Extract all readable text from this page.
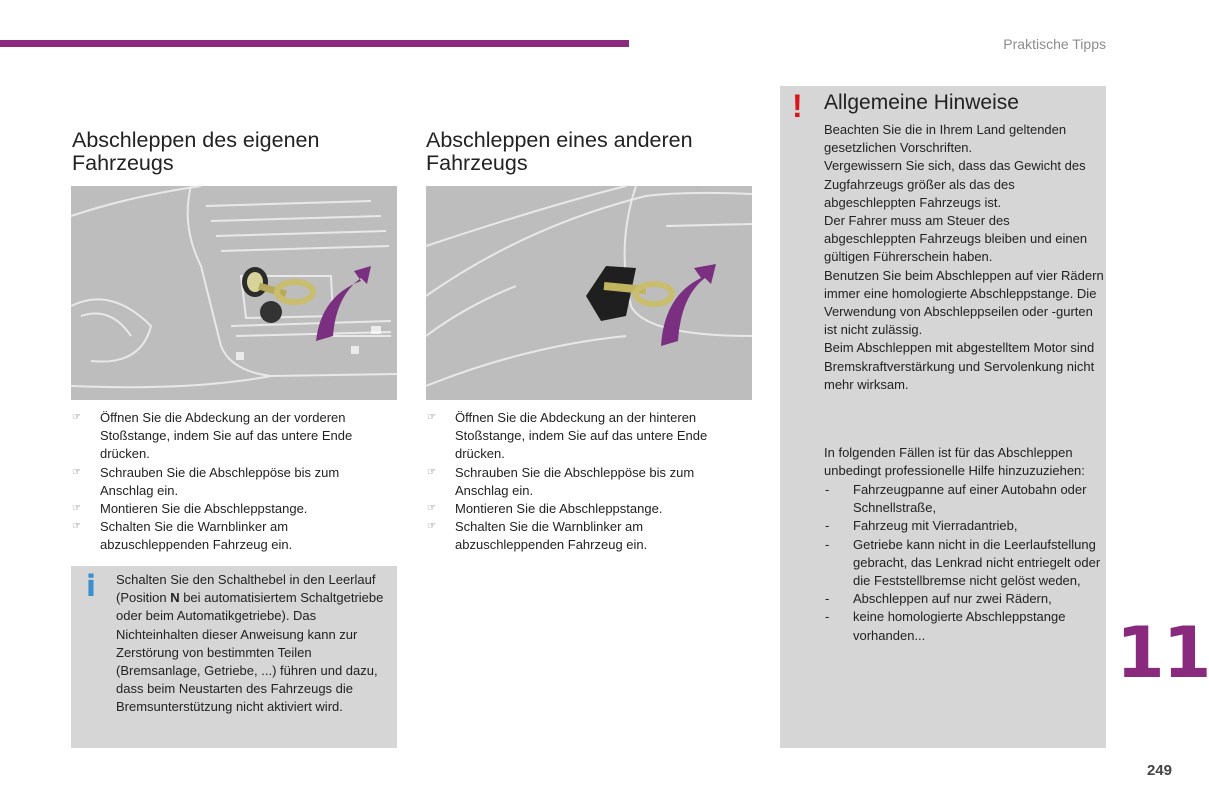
Praktische Tipps
Abschleppen des eigenen
Fahrzeugs
☞ Öffnen Sie die Abdeckung an der vorderen Stoßstange, indem Sie auf das untere Ende drücken.
☞ Schrauben Sie die Abschleppöse bis zum Anschlag ein.
☞ Montieren Sie die Abschleppstange.
☞ Schalten Sie die Warnblinker am abzuschleppenden Fahrzeug ein.
i Schalten Sie den Schalthebel in den Leerlauf (Position N bei automatisiertem Schaltgetriebe oder beim Automatikgetriebe). Das Nichteinhalten dieser Anweisung kann zur Zerstörung von bestimmten Teilen (Bremsanlage, Getriebe, ...) führen und dazu, dass beim Neustarten des Fahrzeugs die Bremsunterstützung nicht aktiviert wird.

Abschleppen eines anderen
Fahrzeugs
☞ Öffnen Sie die Abdeckung an der hinteren Stoßstange, indem Sie auf das untere Ende drücken.
☞ Schrauben Sie die Abschleppöse bis zum Anschlag ein.
☞ Montieren Sie die Abschleppstange.
☞ Schalten Sie die Warnblinker am abzuschleppenden Fahrzeug ein.
! Allgemeine Hinweise

Beachten Sie die in Ihrem Land geltenden gesetzlichen Vorschriften.

Vergewissern Sie sich, dass das Gewicht des Zugfahrzeugs größer als das des abgeschleppten Fahrzeugs ist.

Der Fahrer muss am Steuer des abgeschleppten Fahrzeugs bleiben und einen gültigen Führerschein haben.

Benutzen Sie beim Abschleppen auf vier Rädern immer eine homologierte Abschleppstange. Die Verwendung von Abschleppseilen oder -gurten ist nicht zulässig.

Beim Abschleppen mit abgestelltem Motor sind Bremskraftverstärkung und Servolenkung nicht mehr wirksam.

In folgenden Fällen ist für das Abschleppen unbedingt professionelle Hilfe hinzuzuziehen:

- Fahrzeugpanne auf einer Autobahn oder Schnellstraße,
- Fahrzeug mit Vierradantrieb,
- Getriebe kann nicht in die Leerlaufstellung gebracht, das Lenkrad nicht entriegelt oder die Feststellbremse nicht gelöst weden,
- Abschleppen auf nur zwei Rädern,
- keine homologierte Abschleppstange vorhanden...	11
249
